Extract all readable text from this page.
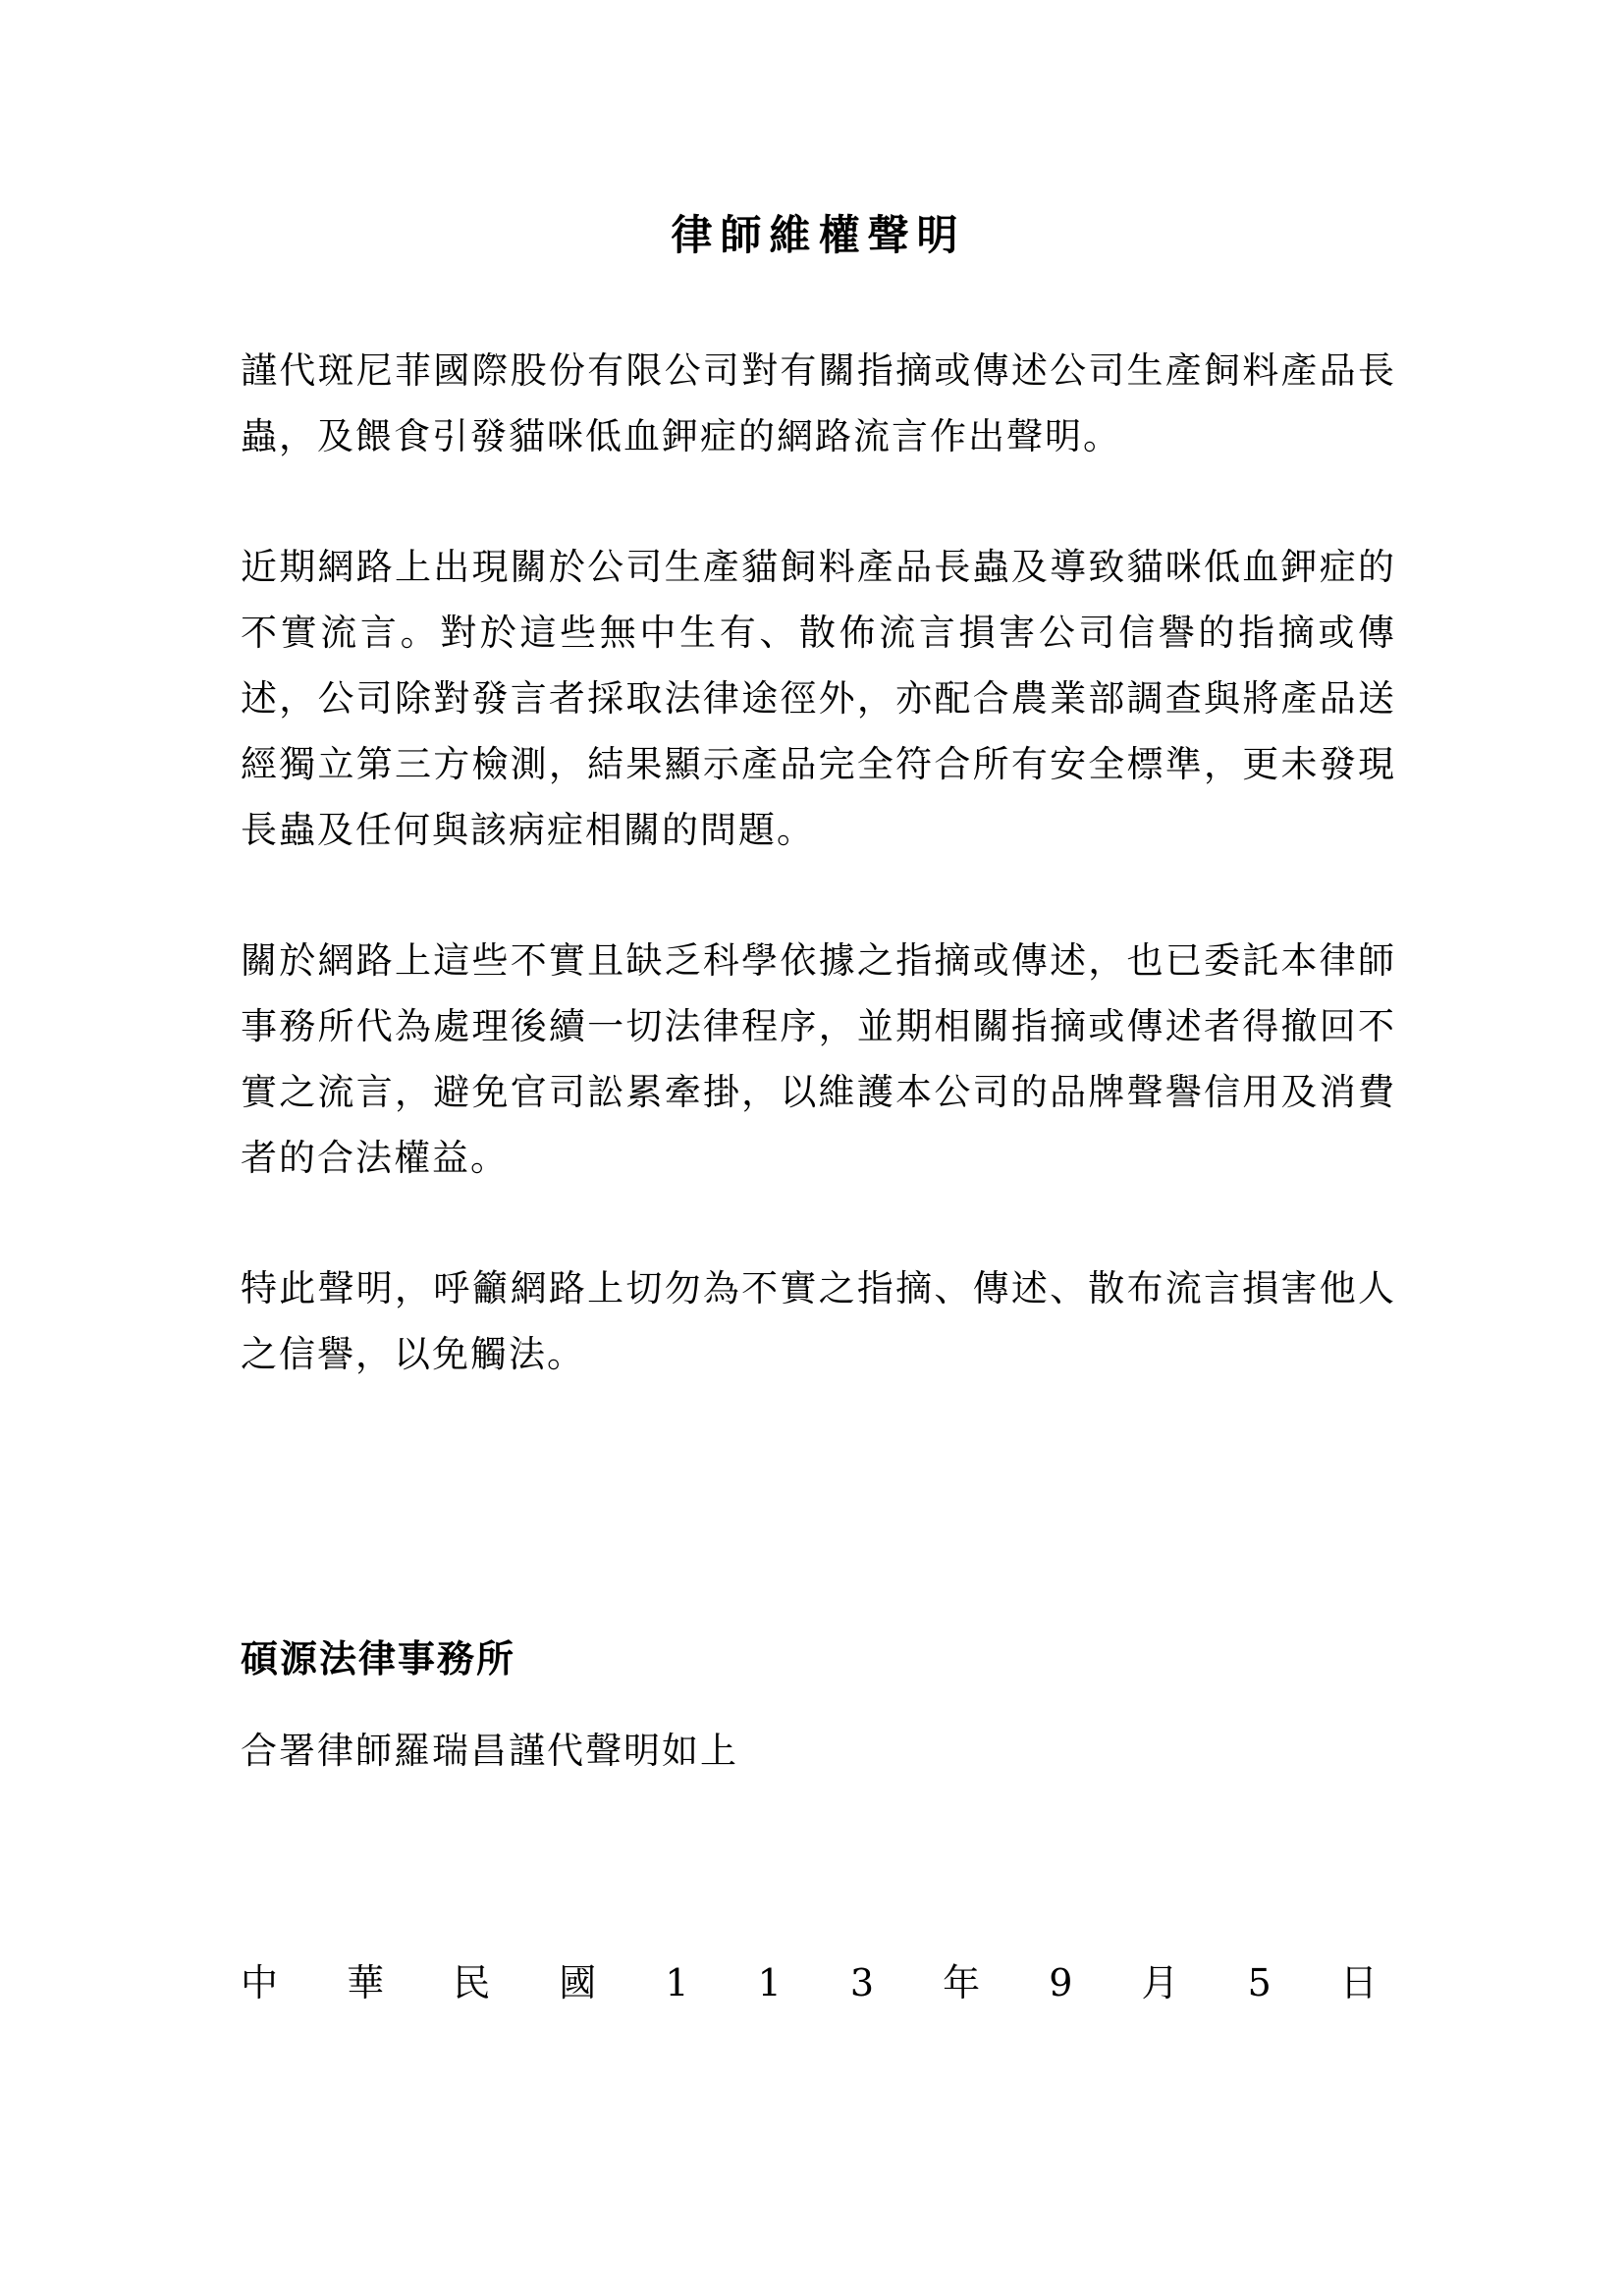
律師維權聲明

謹代斑尼菲國際股份有限公司對有關指摘或傳述公司生產飼料產品長蟲，及餵食引發貓咪低血鉀症的網路流言作出聲明。

近期網路上出現關於公司生產貓飼料產品長蟲及導致貓咪低血鉀症的不實流言。對於這些無中生有、散佈流言損害公司信譽的指摘或傳述，公司除對發言者採取法律途徑外，亦配合農業部調查與將產品送經獨立第三方檢測，結果顯示產品完全符合所有安全標準，更未發現長蟲及任何與該病症相關的問題。

關於網路上這些不實且缺乏科學依據之指摘或傳述，也已委託本律師事務所代為處理後續一切法律程序，並期相關指摘或傳述者得撤回不實之流言，避免官司訟累牽掛，以維護本公司的品牌聲譽信用及消費者的合法權益。

特此聲明，呼籲網路上切勿為不實之指摘、傳述、散布流言損害他人之信譽，以免觸法。

碩源法律事務所

合署律師羅瑞昌謹代聲明如上

中 華 民 國 1 1 3 年 9 月 5 日
